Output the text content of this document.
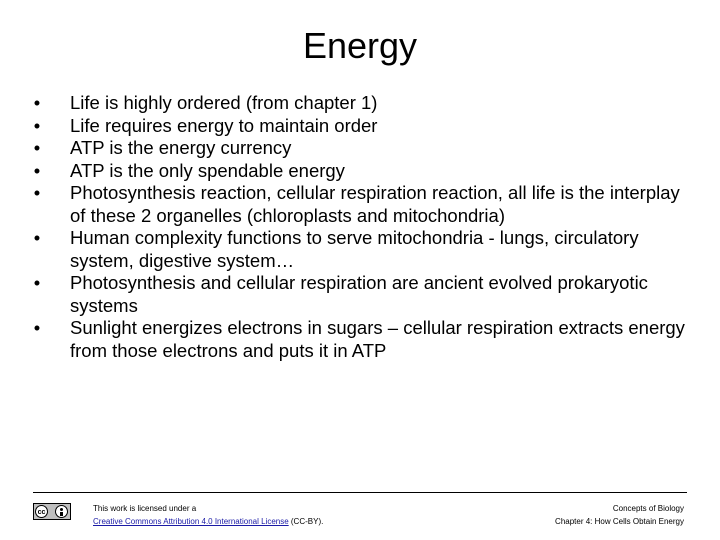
Energy
• Life is highly ordered (from chapter 1)
• Life requires energy to maintain order
• ATP is the energy currency
• ATP is the only spendable energy
• Photosynthesis reaction, cellular respiration reaction, all life is the interplay of these 2 organelles (chloroplasts and mitochondria)
• Human complexity functions to serve mitochondria - lungs, circulatory system, digestive system…
• Photosynthesis and cellular respiration are ancient evolved prokaryotic systems
• Sunlight energizes electrons in sugars – cellular respiration extracts energy from those electrons and puts it in ATP
cc	This work is licensed under a
Creative Commons Attribution 4.0 International License (CC-BY).
Concepts of Biology
Chapter 4: How Cells Obtain Energy
